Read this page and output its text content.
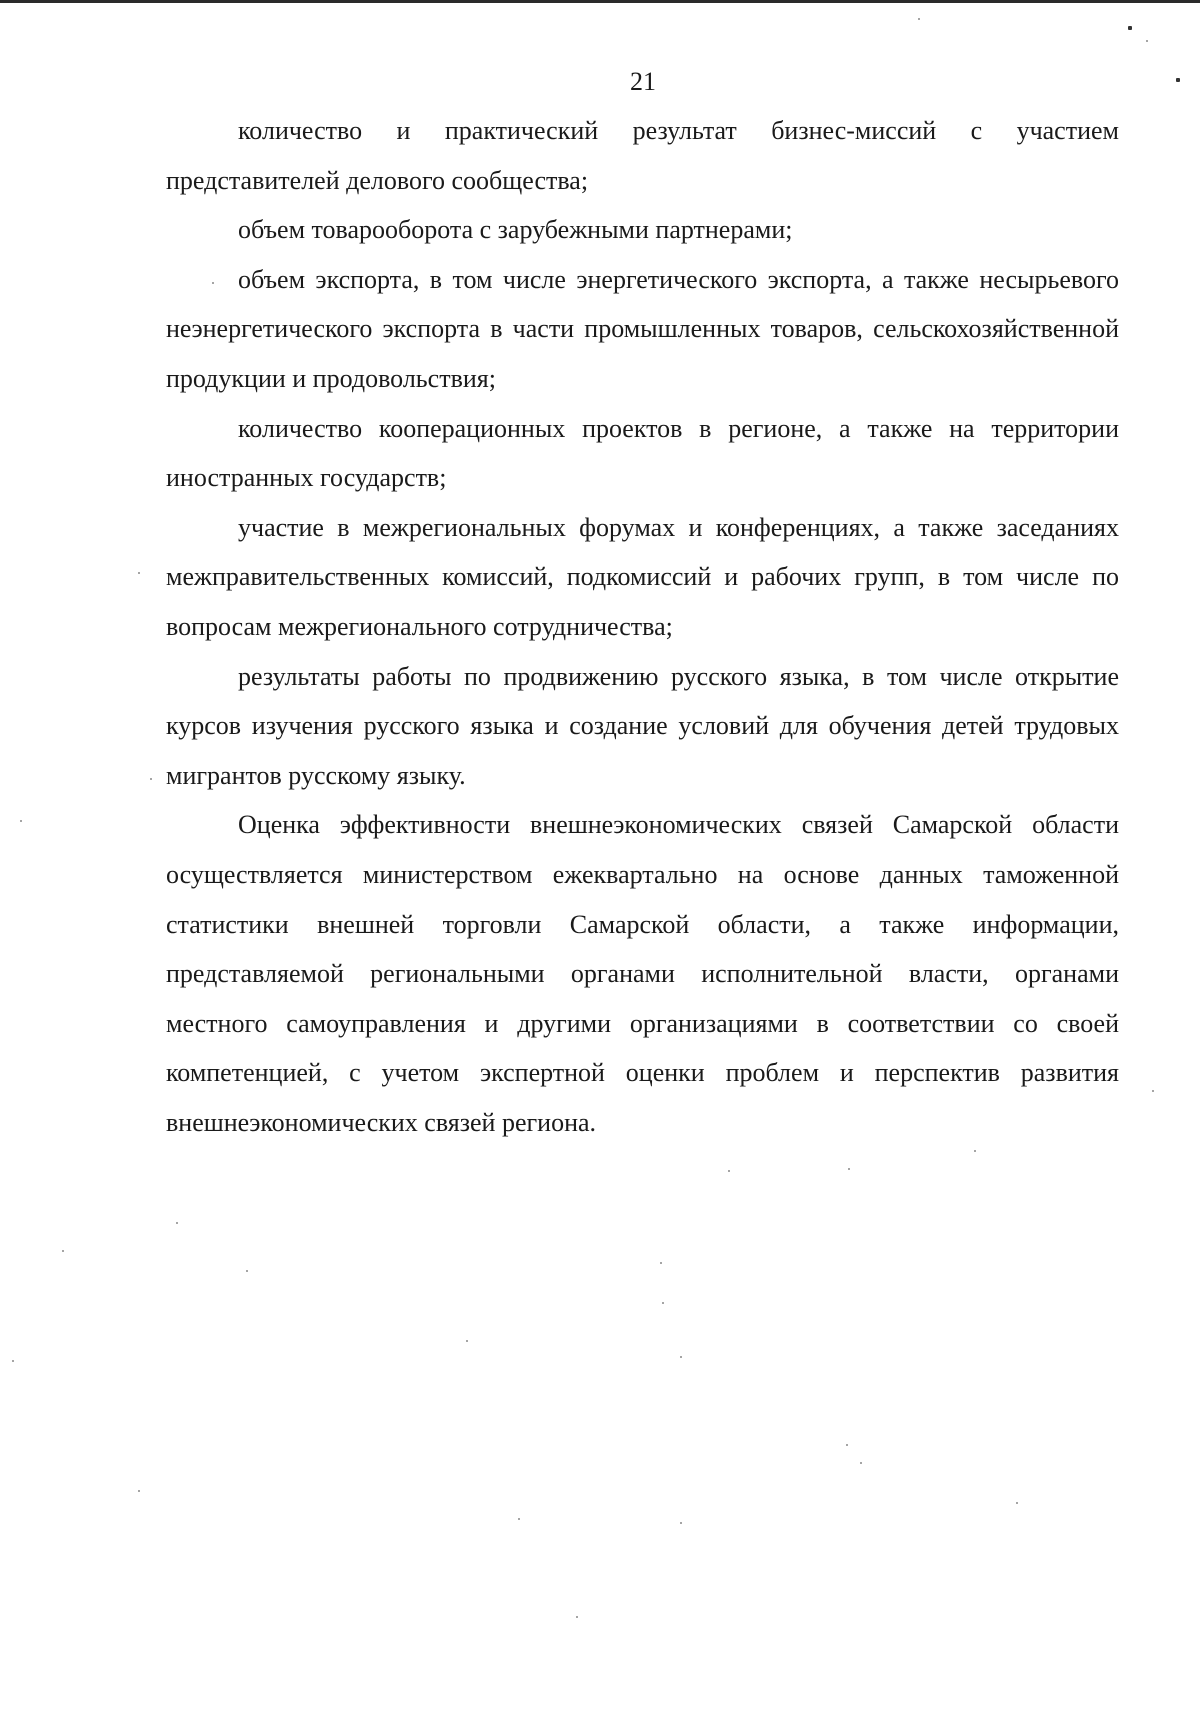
21

количество и практический результат бизнес-миссий с участием представителей делового сообщества;

объем товарооборота с зарубежными партнерами;

объем экспорта, в том числе энергетического экспорта, а также несырьевого неэнергетического экспорта в части промышленных товаров, сельскохозяйственной продукции и продовольствия;

количество кооперационных проектов в регионе, а также на территории иностранных государств;

участие в межрегиональных форумах и конференциях, а также заседаниях межправительственных комиссий, подкомиссий и рабочих групп, в том числе по вопросам межрегионального сотрудничества;

результаты работы по продвижению русского языка, в том числе открытие курсов изучения русского языка и создание условий для обучения детей трудовых мигрантов русскому языку.

Оценка эффективности внешнеэкономических связей Самарской области осуществляется министерством ежеквартально на основе данных таможенной статистики внешней торговли Самарской области, а также информации, представляемой региональными органами исполнительной власти, органами местного самоуправления и другими организациями в соответствии со своей компетенцией, с учетом экспертной оценки проблем и перспектив развития внешнеэкономических связей региона.
